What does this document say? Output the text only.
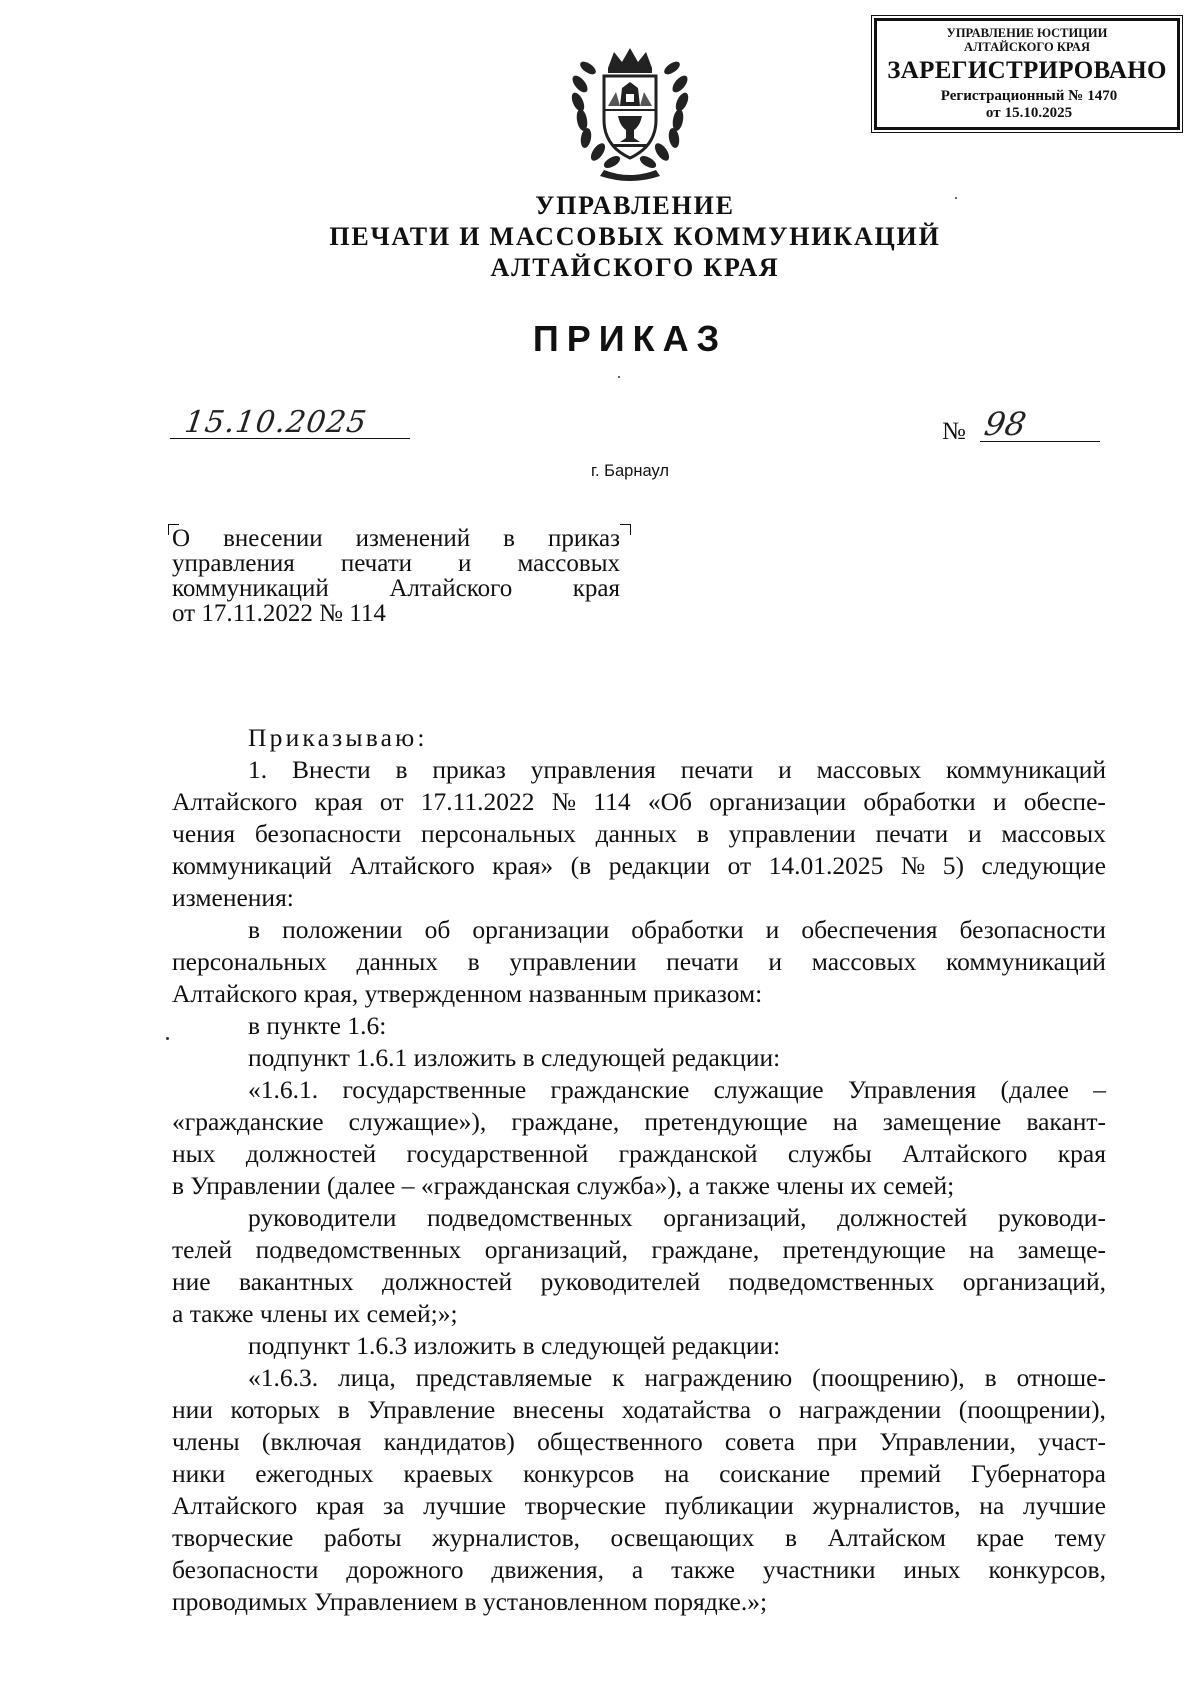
УПРАВЛЕНИЕ ЮСТИЦИИ
АЛТАЙСКОГО КРАЯ
ЗАРЕГИСТРИРОВАНО
Регистрационный № 1470
от 15.10.2025
УПРАВЛЕНИЕ
ПЕЧАТИ И МАССОВЫХ КОММУНИКАЦИЙ
АЛТАЙСКОГО КРАЯ
ПРИКАЗ
15.10.2025	№ 98
г. Барнаул
О внесении изменений в приказ
управления печати и массовых
коммуникаций Алтайского края
от 17.11.2022 № 114
Приказываю:
1. Внести в приказ управления печати и массовых коммуникаций
Алтайского края от 17.11.2022 № 114 «Об организации обработки и обеспе-
чения безопасности персональных данных в управлении печати и массовых
коммуникаций Алтайского края» (в редакции от 14.01.2025 № 5) следующие
изменения:
в положении об организации обработки и обеспечения безопасности
персональных данных в управлении печати и массовых коммуникаций
Алтайского края, утвержденном названным приказом:
в пункте 1.6:
подпункт 1.6.1 изложить в следующей редакции:
«1.6.1. государственные гражданские служащие Управления (далее –
«гражданские служащие»), граждане, претендующие на замещение вакант-
ных должностей государственной гражданской службы Алтайского края
в Управлении (далее – «гражданская служба»), а также члены их семей;
руководители подведомственных организаций, должностей руководи-
телей подведомственных организаций, граждане, претендующие на замеще-
ние вакантных должностей руководителей подведомственных организаций,
а также члены их семей;»;
подпункт 1.6.3 изложить в следующей редакции:
«1.6.3. лица, представляемые к награждению (поощрению), в отноше-
нии которых в Управление внесены ходатайства о награждении (поощрении),
члены (включая кандидатов) общественного совета при Управлении, участ-
ники ежегодных краевых конкурсов на соискание премий Губернатора
Алтайского края за лучшие творческие публикации журналистов, на лучшие
творческие работы журналистов, освещающих в Алтайском крае тему
безопасности дорожного движения, а также участники иных конкурсов,
проводимых Управлением в установленном порядке.»;
